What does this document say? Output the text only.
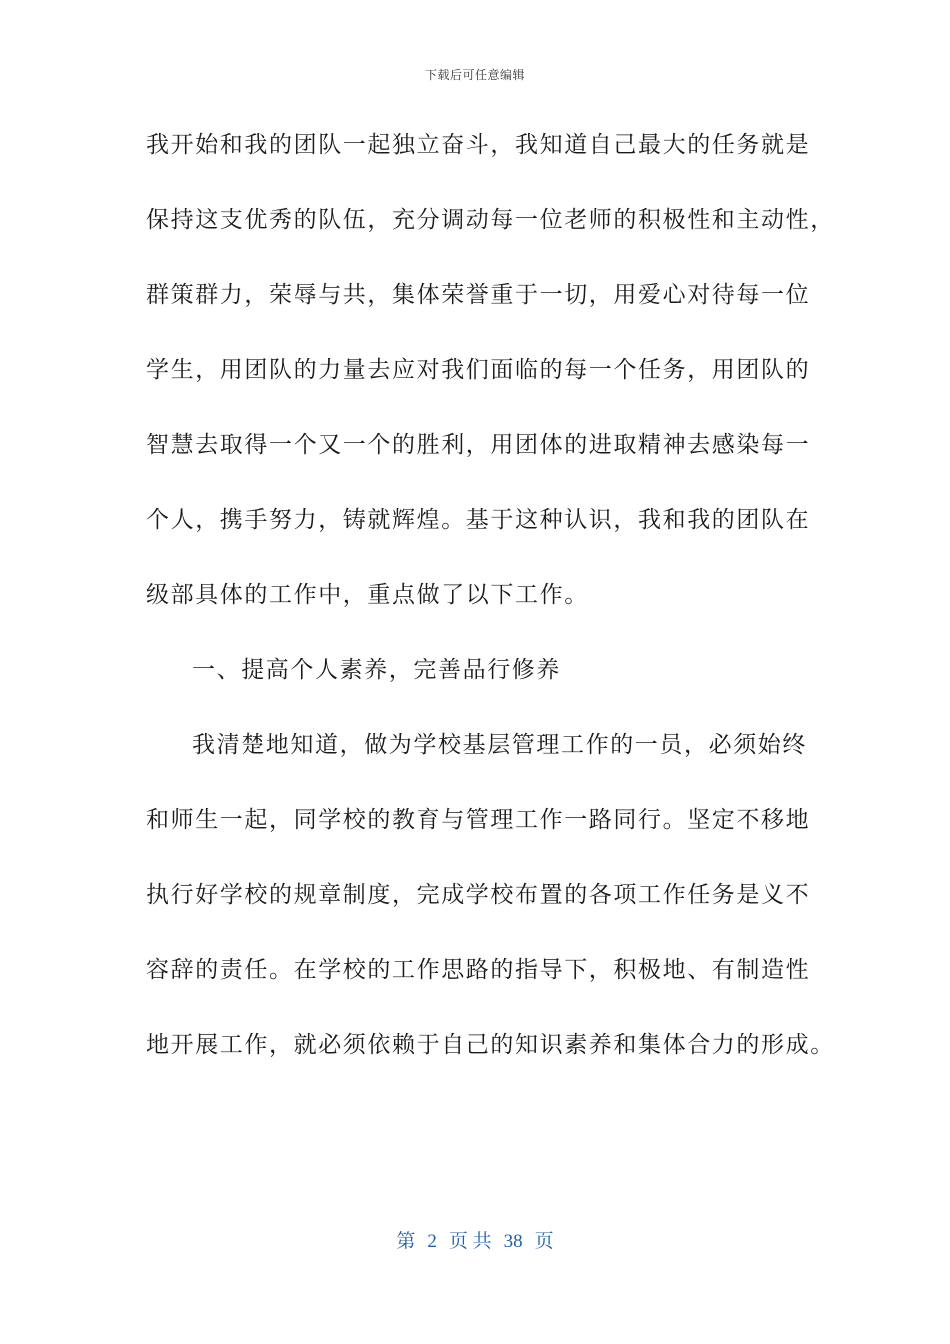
下载后可任意编辑
我开始和我的团队一起独立奋斗，我知道自己最大的任务就是
保持这支优秀的队伍，充分调动每一位老师的积极性和主动性，
群策群力，荣辱与共，集体荣誉重于一切，用爱心对待每一位
学生，用团队的力量去应对我们面临的每一个任务，用团队的
智慧去取得一个又一个的胜利，用团体的进取精神去感染每一
个人，携手努力，铸就辉煌。基于这种认识，我和我的团队在
级部具体的工作中，重点做了以下工作。
一、提高个人素养，完善品行修养
我清楚地知道，做为学校基层管理工作的一员，必须始终
和师生一起，同学校的教育与管理工作一路同行。坚定不移地
执行好学校的规章制度，完成学校布置的各项工作任务是义不
容辞的责任。在学校的工作思路的指导下，积极地、有制造性
地开展工作，就必须依赖于自己的知识素养和集体合力的形成。
第 2 页 共 38 页
